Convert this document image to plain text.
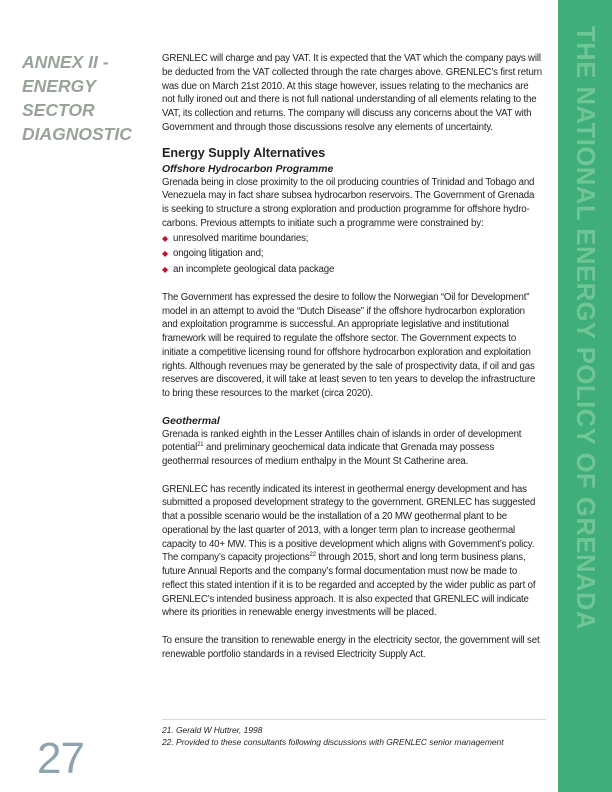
THE NATIONAL ENERGY POLICY OF GRENADA
ANNEX II -
ENERGY
SECTOR
DIAGNOSTIC

GRENLEC will charge and pay VAT. It is expected that the VAT which the company pays will be deducted from the VAT collected through the rate charges above. GRENLEC’s first return was due on March 21st 2010. At this stage however, issues relating to the mechanics are not fully ironed out and there is not full national understanding of all elements relating to the VAT, its collection and returns. The company will discuss any concerns about the VAT with Government and through those discussions resolve any elements of uncertainty.

Energy Supply Alternatives
Offshore Hydrocarbon Programme

Grenada being in close proximity to the oil producing countries of Trinidad and Tobago and Venezuela may in fact share subsea hydrocarbon reservoirs. The Government of Grenada is seeking to structure a strong exploration and production programme for offshore hydro-carbons. Previous attempts to initiate such a programme were constrained by:

◆ unresolved maritime boundaries;
◆ ongoing litigation and;
◆ an incomplete geological data package

The Government has expressed the desire to follow the Norwegian “Oil for Development” model in an attempt to avoid the “Dutch Disease” if the offshore hydrocarbon exploration and exploitation programme is successful. An appropriate legislative and institutional framework will be required to regulate the offshore sector. The Government expects to initiate a competitive licensing round for offshore hydrocarbon exploration and exploitation rights. Although revenues may be generated by the sale of prospectivity data, if oil and gas reserves are discovered, it will take at least seven to ten years to develop the infrastructure to bring these resources to the market (circa 2020).

Geothermal

Grenada is ranked eighth in the Lesser Antilles chain of islands in order of development potential$^{21}$ and preliminary geochemical data indicate that Grenada may possess geothermal resources of medium enthalpy in the Mount St Catherine area.

GRENLEC has recently indicated its interest in geothermal energy development and has submitted a proposed development strategy to the government. GRENLEC has suggested that a possible scenario would be the installation of a 20 MW geothermal plant to be operational by the last quarter of 2013, with a longer term plan to increase geothermal capacity to 40+ MW. This is a positive development which aligns with Government’s policy. The company’s capacity projections$^{22}$ through 2015, short and long term business plans, future Annual Reports and the company’s formal documentation must now be made to reflect this stated intention if it is to be regarded and accepted by the wider public as part of GRENLEC’s intended business approach. It is also expected that GRENLEC will indicate where its priorities in renewable energy investments will be placed.

To ensure the transition to renewable energy in the electricity sector, the government will set renewable portfolio standards in a revised Electricity Supply Act.

21. Gerald W Huttrer, 1998
22. Provided to these consultants following discussions with GRENLEC senior management
27
